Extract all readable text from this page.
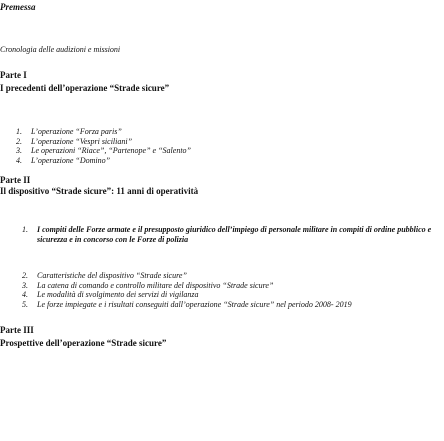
Premessa
Cronologia delle audizioni e missioni
Parte I
I precedenti dell’operazione “Strade sicure”
1. L’operazione “Forza paris”
2. L’operazione “Vespri siciliani”
3. Le operazioni “Riace”, “Partenope” e “Salento”
4. L’operazione “Domino”
Parte II
Il dispositivo “Strade sicure”: 11 anni di operatività
1. I compiti delle Forze armate e il presupposto giuridico dell’impiego di personale militare in compiti di ordine pubblico e sicurezza e in concorso con le Forze di polizia
2. Caratteristiche del dispositivo “Strade sicure”
3. La catena di comando e controllo militare del dispositivo “Strade sicure”
4. Le modalità di svolgimento dei servizi di vigilanza
5. Le forze impiegate e i risultati conseguiti dall’operazione “Strade sicure” nel periodo 2008- 2019
Parte III
Prospettive dell’operazione “Strade sicure”
